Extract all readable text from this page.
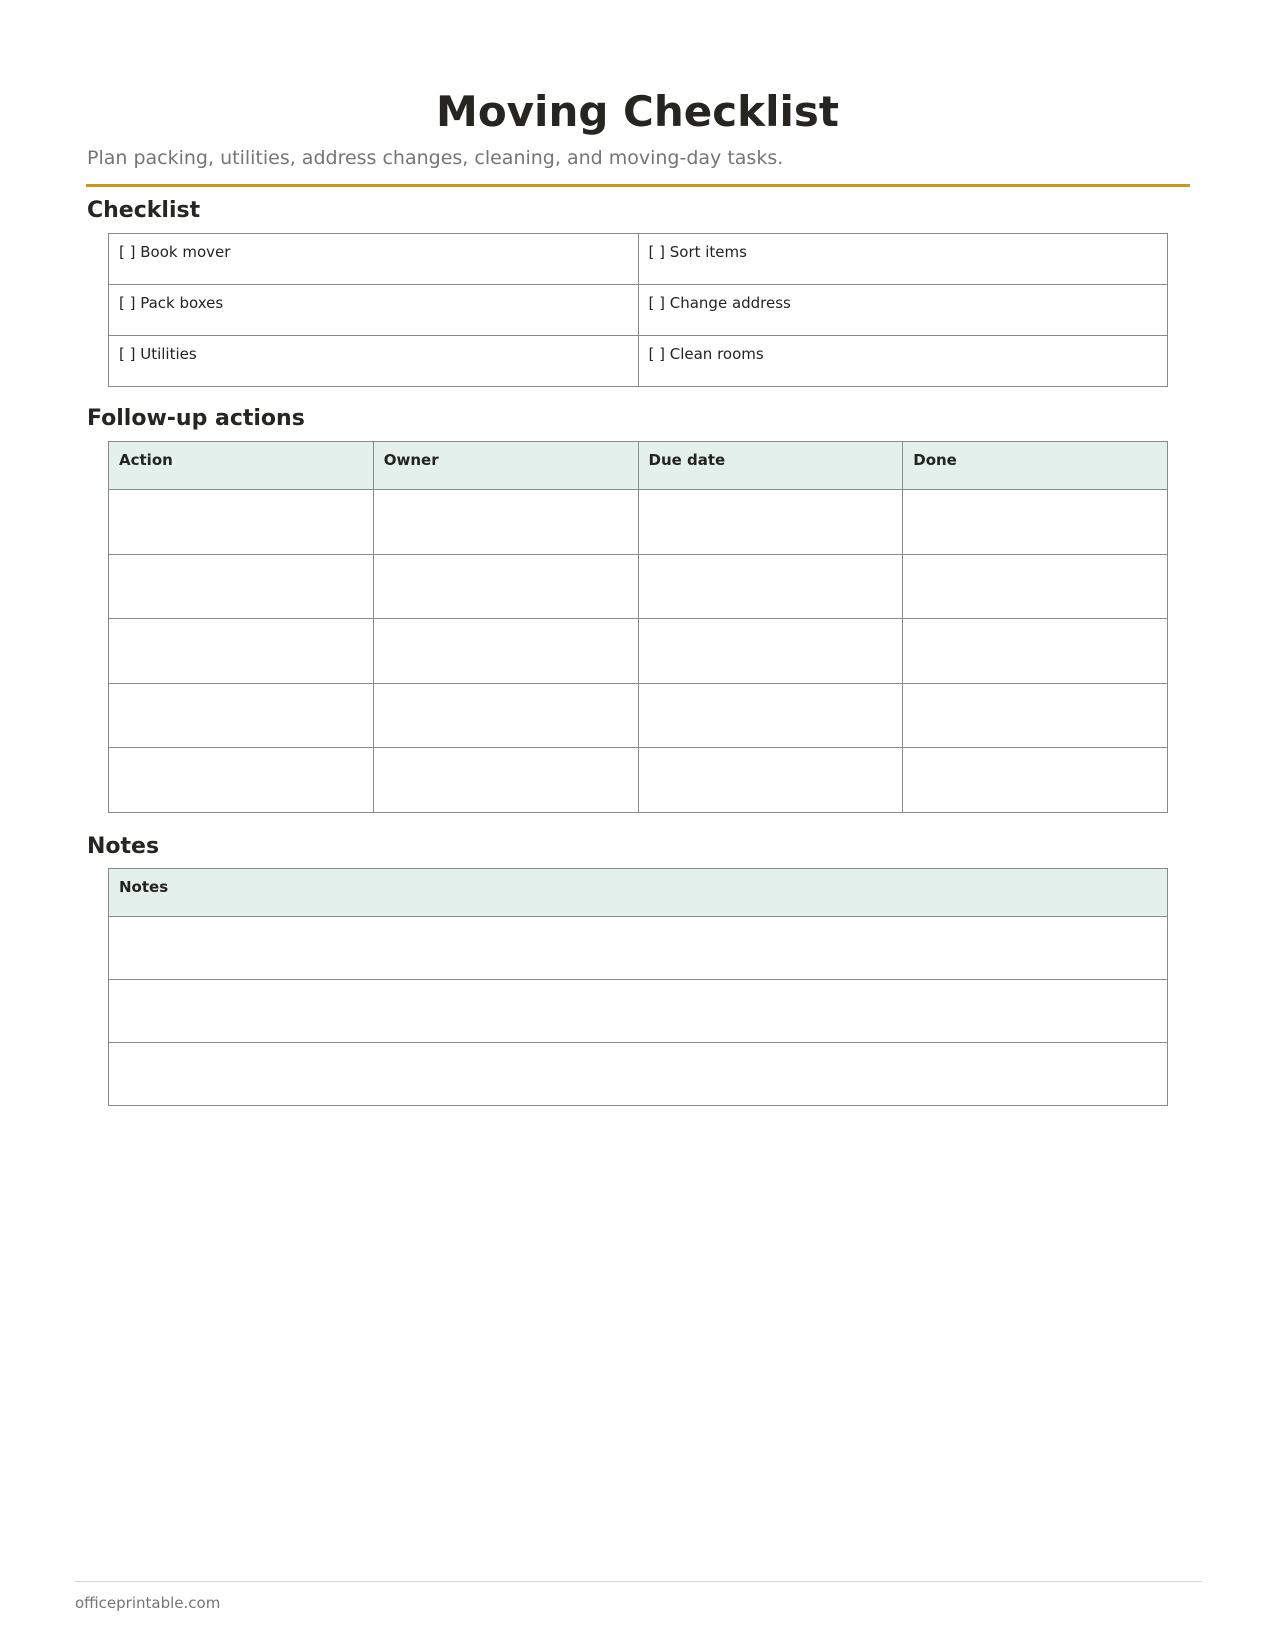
Moving Checklist

Plan packing, utilities, address changes, cleaning, and moving-day tasks.

Checklist
[ ] Book mover	[ ] Sort items
[ ] Pack boxes	[ ] Change address
[ ] Utilities	[ ] Clean rooms
Follow-up actions
Action	Owner	Due date	Done

Notes
Notes

officeprintable.com
